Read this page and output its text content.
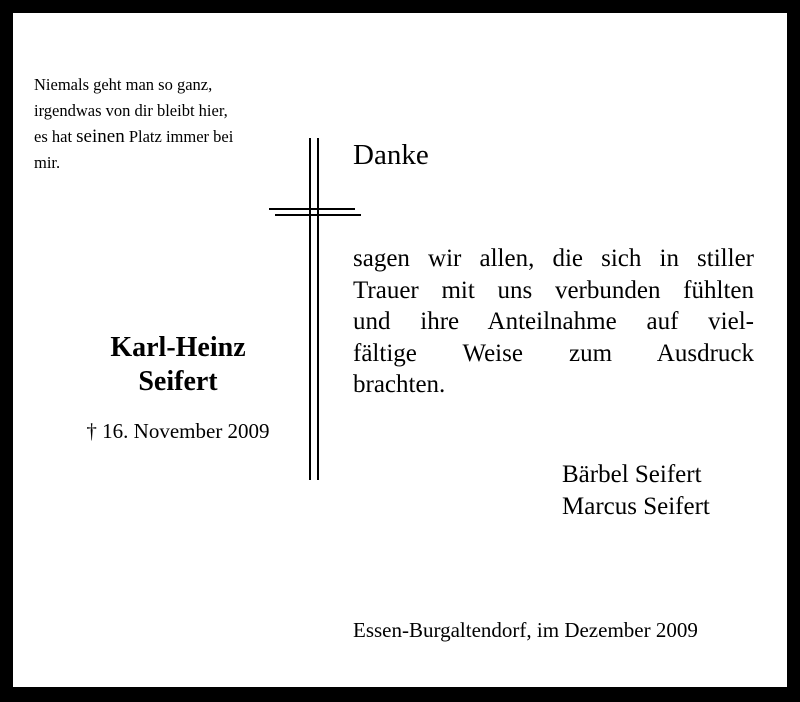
Niemals geht man so ganz,
irgendwas von dir bleibt hier,
es hat seinen Platz immer bei
mir.
Karl-Heinz
Seifert
† 16. November 2009
Danke
sagen wir allen, die sich in stiller
Trauer mit uns verbunden fühlten
und ihre Anteilnahme auf viel-
fältige Weise zum Ausdruck
brachten.
Bärbel Seifert
Marcus Seifert
Essen-Burgaltendorf, im Dezember 2009
